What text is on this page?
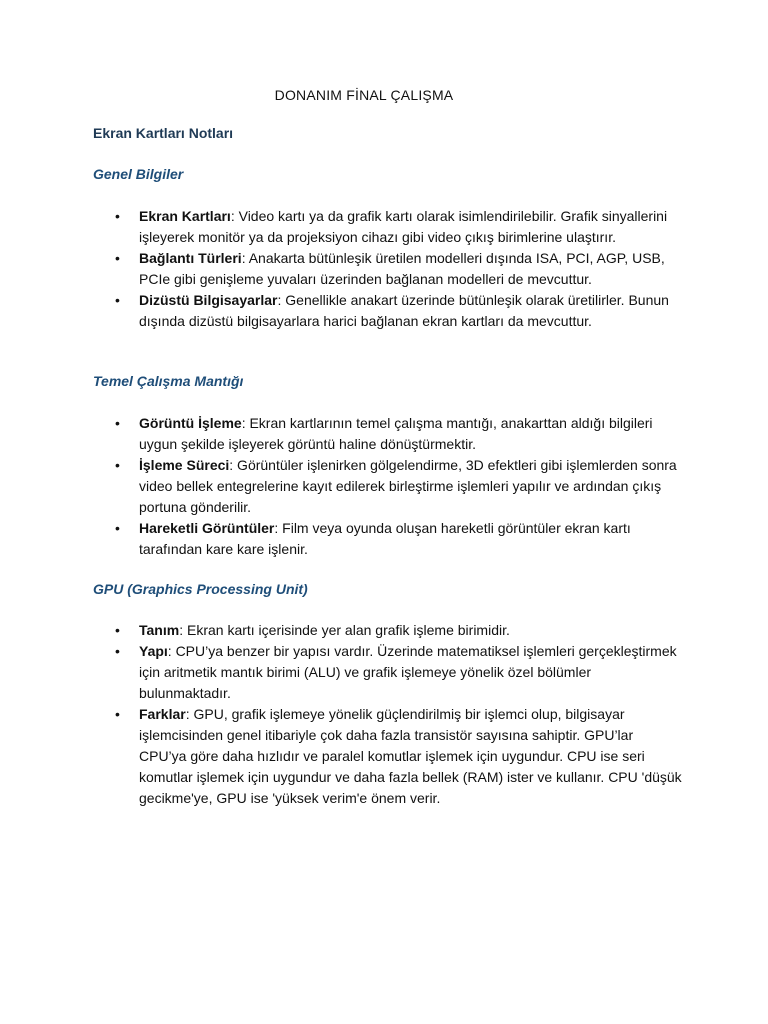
DONANIM FİNAL ÇALIŞMA
Ekran Kartları Notları
Genel Bilgiler
• Ekran Kartları: Video kartı ya da grafik kartı olarak isimlendirilebilir. Grafik sinyallerini işleyerek monitör ya da projeksiyon cihazı gibi video çıkış birimlerine ulaştırır.
• Bağlantı Türleri: Anakarta bütünleşik üretilen modelleri dışında ISA, PCI, AGP, USB, PCIe gibi genişleme yuvaları üzerinden bağlanan modelleri de mevcuttur.
• Dizüstü Bilgisayarlar: Genellikle anakart üzerinde bütünleşik olarak üretilirler. Bunun dışında dizüstü bilgisayarlara harici bağlanan ekran kartları da mevcuttur.
Temel Çalışma Mantığı
• Görüntü İşleme: Ekran kartlarının temel çalışma mantığı, anakarttan aldığı bilgileri uygun şekilde işleyerek görüntü haline dönüştürmektir.
• İşleme Süreci: Görüntüler işlenirken gölgelendirme, 3D efektleri gibi işlemlerden sonra video bellek entegrelerine kayıt edilerek birleştirme işlemleri yapılır ve ardından çıkış portuna gönderilir.
• Hareketli Görüntüler: Film veya oyunda oluşan hareketli görüntüler ekran kartı tarafından kare kare işlenir.
GPU (Graphics Processing Unit)
• Tanım: Ekran kartı içerisinde yer alan grafik işleme birimidir.
• Yapı: CPU’ya benzer bir yapısı vardır. Üzerinde matematiksel işlemleri gerçekleştirmek için aritmetik mantık birimi (ALU) ve grafik işlemeye yönelik özel bölümler bulunmaktadır.
• Farklar: GPU, grafik işlemeye yönelik güçlendirilmiş bir işlemci olup, bilgisayar işlemcisinden genel itibariyle çok daha fazla transistör sayısına sahiptir. GPU’lar CPU’ya göre daha hızlıdır ve paralel komutlar işlemek için uygundur. CPU ise seri komutlar işlemek için uygundur ve daha fazla bellek (RAM) ister ve kullanır. CPU 'düşük gecikme'ye, GPU ise 'yüksek verim'e önem verir.
